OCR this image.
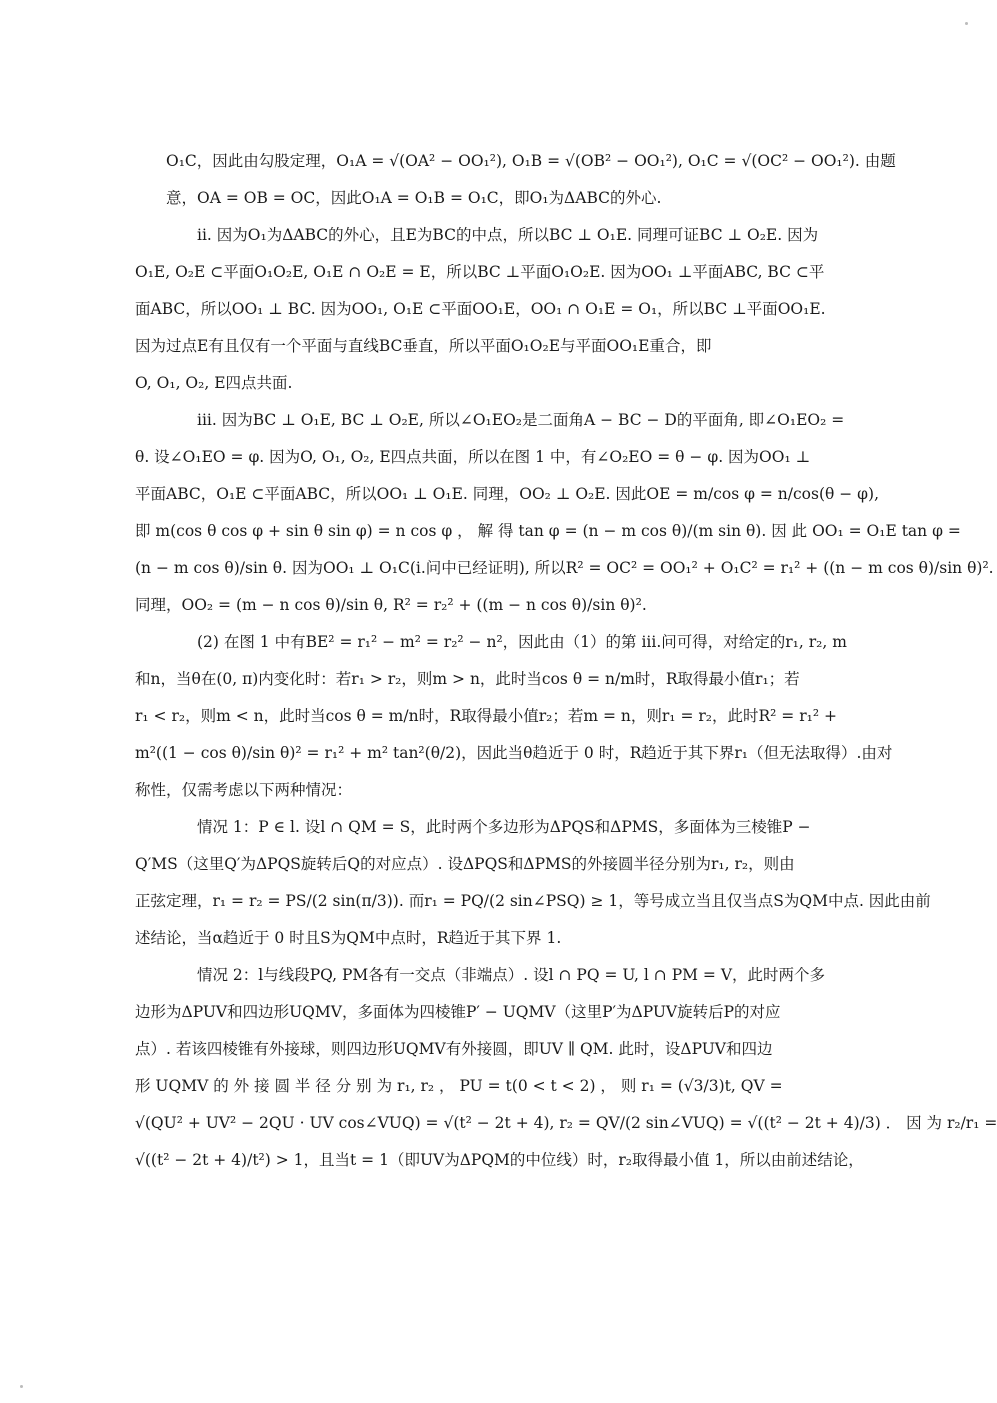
O₁C，因此由勾股定理，O₁A = √(OA² − OO₁²), O₁B = √(OB² − OO₁²), O₁C = √(OC² − OO₁²). 由题
意，OA = OB = OC，因此O₁A = O₁B = O₁C，即O₁为ΔABC的外心.
ii. 因为O₁为ΔABC的外心，且E为BC的中点，所以BC ⊥ O₁E. 同理可证BC ⊥ O₂E. 因为
O₁E, O₂E ⊂平面O₁O₂E, O₁E ∩ O₂E = E，所以BC ⊥平面O₁O₂E. 因为OO₁ ⊥平面ABC, BC ⊂平
面ABC，所以OO₁ ⊥ BC. 因为OO₁, O₁E ⊂平面OO₁E，OO₁ ∩ O₁E = O₁，所以BC ⊥平面OO₁E.
因为过点E有且仅有一个平面与直线BC垂直，所以平面O₁O₂E与平面OO₁E重合，即
O, O₁, O₂, E四点共面.
iii. 因为BC ⊥ O₁E, BC ⊥ O₂E, 所以∠O₁EO₂是二面角A − BC − D的平面角, 即∠O₁EO₂ =
θ. 设∠O₁EO = φ. 因为O, O₁, O₂, E四点共面，所以在图 1 中，有∠O₂EO = θ − φ. 因为OO₁ ⊥
平面ABC，O₁E ⊂平面ABC，所以OO₁ ⊥ O₁E. 同理，OO₂ ⊥ O₂E. 因此OE = m/cos φ = n/cos(θ − φ),
即 m(cos θ cos φ + sin θ sin φ) = n cos φ ， 解 得 tan φ = (n − m cos θ)/(m sin θ). 因 此 OO₁ = O₁E tan φ =
(n − m cos θ)/sin θ. 因为OO₁ ⊥ O₁C(i.问中已经证明), 所以R² = OC² = OO₁² + O₁C² = r₁² + ((n − m cos θ)/sin θ)².
同理，OO₂ = (m − n cos θ)/sin θ, R² = r₂² + ((m − n cos θ)/sin θ)².
(2) 在图 1 中有BE² = r₁² − m² = r₂² − n²，因此由（1）的第 iii.问可得，对给定的r₁, r₂, m
和n，当θ在(0, π)内变化时：若r₁ > r₂，则m > n，此时当cos θ = n/m时，R取得最小值r₁；若
r₁ < r₂，则m < n，此时当cos θ = m/n时，R取得最小值r₂；若m = n，则r₁ = r₂，此时R² = r₁² +
m²((1 − cos θ)/sin θ)² = r₁² + m² tan²(θ/2)，因此当θ趋近于 0 时，R趋近于其下界r₁（但无法取得）.由对
称性，仅需考虑以下两种情况：
情况 1：P ∈ l. 设l ∩ QM = S，此时两个多边形为ΔPQS和ΔPMS，多面体为三棱锥P −
Q′MS（这里Q′为ΔPQS旋转后Q的对应点）. 设ΔPQS和ΔPMS的外接圆半径分别为r₁, r₂，则由
正弦定理，r₁ = r₂ = PS/(2 sin(π/3)). 而r₁ = PQ/(2 sin∠PSQ) ≥ 1，等号成立当且仅当点S为QM中点. 因此由前
述结论，当α趋近于 0 时且S为QM中点时，R趋近于其下界 1.
情况 2：l与线段PQ, PM各有一交点（非端点）. 设l ∩ PQ = U, l ∩ PM = V，此时两个多
边形为ΔPUV和四边形UQMV，多面体为四棱锥P′ − UQMV（这里P′为ΔPUV旋转后P的对应
点）. 若该四棱锥有外接球，则四边形UQMV有外接圆，即UV ∥ QM. 此时，设ΔPUV和四边
形 UQMV 的 外 接 圆 半 径 分 别 为 r₁, r₂ ， PU = t(0 < t < 2) ， 则 r₁ = (√3/3)t, QV =
√(QU² + UV² − 2QU · UV cos∠VUQ) = √(t² − 2t + 4), r₂ = QV/(2 sin∠VUQ) = √((t² − 2t + 4)/3) ． 因 为 r₂/r₁ =
√((t² − 2t + 4)/t²) > 1，且当t = 1（即UV为ΔPQM的中位线）时，r₂取得最小值 1，所以由前述结论，
